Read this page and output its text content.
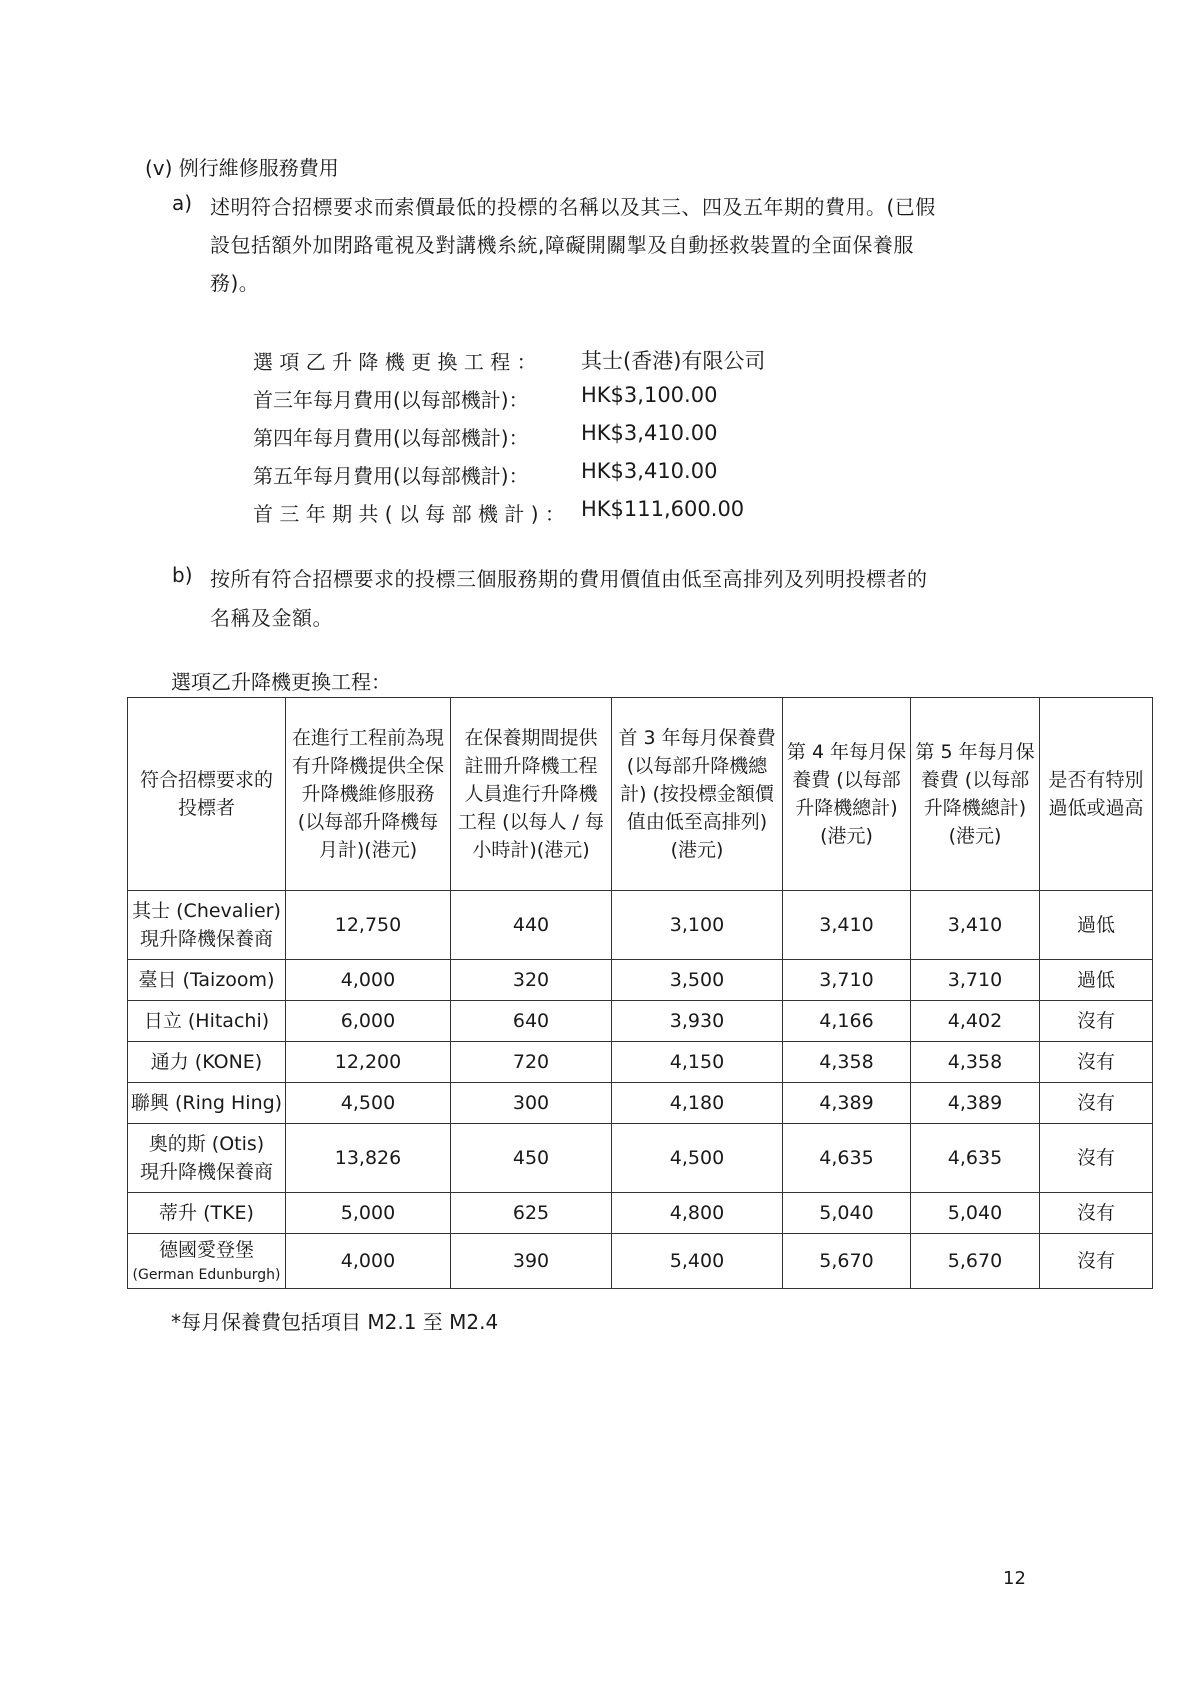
(v) 例行維修服務費用
a) 述明符合招標要求而索價最低的投標的名稱以及其三、四及五年期的費用。(已假
設包括額外加閉路電視及對講機糸統,障礙開關掣及自動拯救裝置的全面保養服
務)。
選 項 乙 升 降 機 更 換 工 程 ： 其士(香港)有限公司
首三年每月費用(以每部機計)： HK$3,100.00
第四年每月費用(以每部機計)： HK$3,410.00
第五年每月費用(以每部機計)： HK$3,410.00
首 三 年 期 共 ( 以 每 部 機 計 ) ： HK$111,600.00
b) 按所有符合招標要求的投標三個服務期的費用價值由低至高排列及列明投標者的
名稱及金額。
選項乙升降機更換工程：
符合招標要求的
投標者	在進行工程前為現
有升降機提供全保
升降機維修服務
(以每部升降機每
月計)(港元)	在保養期間提供
註冊升降機工程
人員進行升降機
工程 (以每人 / 每
小時計)(港元)	首 3 年每月保養費
(以每部升降機總
計) (按投標金額價
值由低至高排列)
(港元)	第 4 年每月保
養費 (以每部
升降機總計)
(港元)	第 5 年每月保
養費 (以每部
升降機總計)
(港元)	是否有特別
過低或過高

其士 (Chevalier)
現升降機保養商	12,750	440	3,100	3,410	3,410	過低

臺日 (Taizoom)	4,000	320	3,500	3,710	3,710	過低

日立 (Hitachi)	6,000	640	3,930	4,166	4,402	沒有

通力 (KONE)	12,200	720	4,150	4,358	4,358	沒有

聯興 (Ring Hing)	4,500	300	4,180	4,389	4,389	沒有

奧的斯 (Otis)
現升降機保養商	13,826	450	4,500	4,635	4,635	沒有

蒂升 (TKE)	5,000	625	4,800	5,040	5,040	沒有

德國愛登堡
(German Edunburgh)	4,000	390	5,400	5,670	5,670	沒有
*每月保養費包括項目 M2.1 至 M2.4
12
